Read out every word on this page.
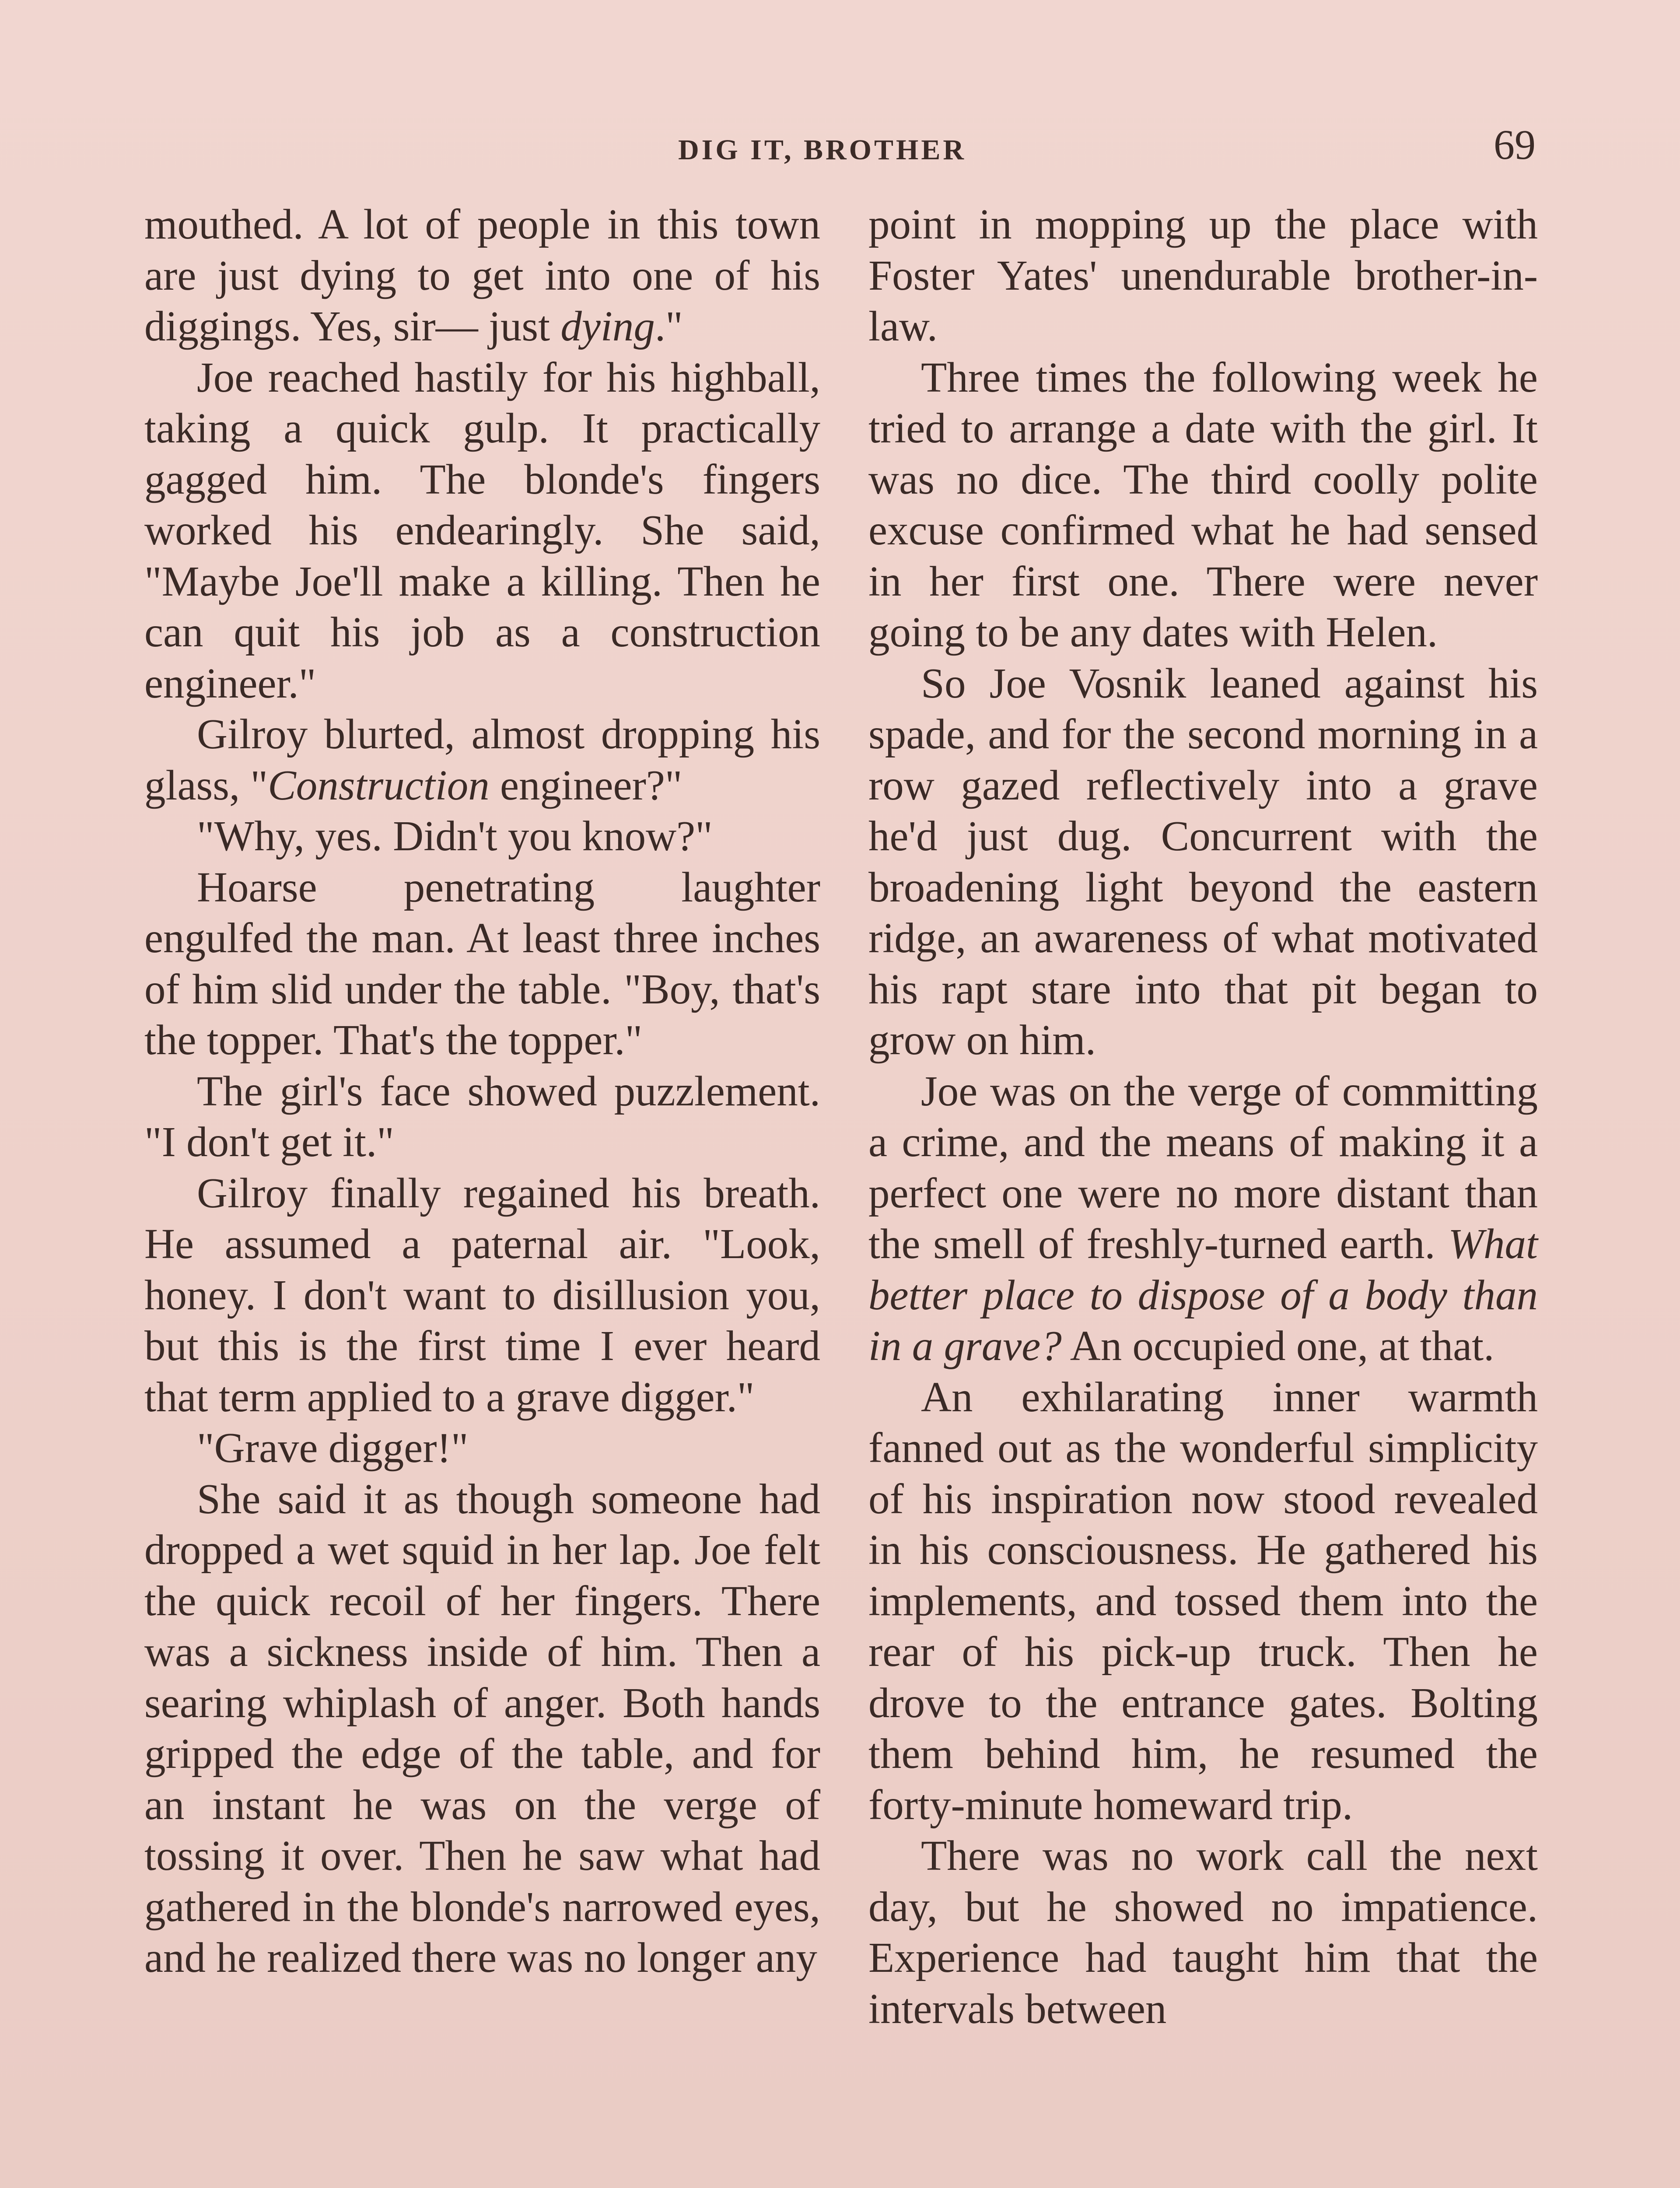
DIG IT, BROTHER	69

mouthed. A lot of people in this town are just dying to get into one of his diggings. Yes, sir— just dying."

Joe reached hastily for his highball, taking a quick gulp. It practically gagged him. The blonde's fingers worked his endearingly. She said, "Maybe Joe'll make a killing. Then he can quit his job as a construction engineer."

Gilroy blurted, almost dropping his glass, "Construction engineer?"

"Why, yes. Didn't you know?"

Hoarse penetrating laughter engulfed the man. At least three inches of him slid under the table. "Boy, that's the topper. That's the topper."

The girl's face showed puzzlement. "I don't get it."

Gilroy finally regained his breath. He assumed a paternal air. "Look, honey. I don't want to disillusion you, but this is the first time I ever heard that term applied to a grave digger."

"Grave digger!"

She said it as though someone had dropped a wet squid in her lap. Joe felt the quick recoil of her fingers. There was a sickness inside of him. Then a searing whiplash of anger. Both hands gripped the edge of the table, and for an instant he was on the verge of tossing it over. Then he saw what had gathered in the blonde's narrowed eyes, and he realized there was no longer any

point in mopping up the place with Foster Yates' unendurable brother-in-law.

Three times the following week he tried to arrange a date with the girl. It was no dice. The third coolly polite excuse confirmed what he had sensed in her first one. There were never going to be any dates with Helen.

So Joe Vosnik leaned against his spade, and for the second morning in a row gazed reflectively into a grave he'd just dug. Concurrent with the broadening light beyond the eastern ridge, an awareness of what motivated his rapt stare into that pit began to grow on him.

Joe was on the verge of committing a crime, and the means of making it a perfect one were no more distant than the smell of freshly-turned earth. What better place to dispose of a body than in a grave? An occupied one, at that.

An exhilarating inner warmth fanned out as the wonderful simplicity of his inspiration now stood revealed in his consciousness. He gathered his implements, and tossed them into the rear of his pick-up truck. Then he drove to the entrance gates. Bolting them behind him, he resumed the forty-minute homeward trip.

There was no work call the next day, but he showed no impatience. Experience had taught him that the intervals between
